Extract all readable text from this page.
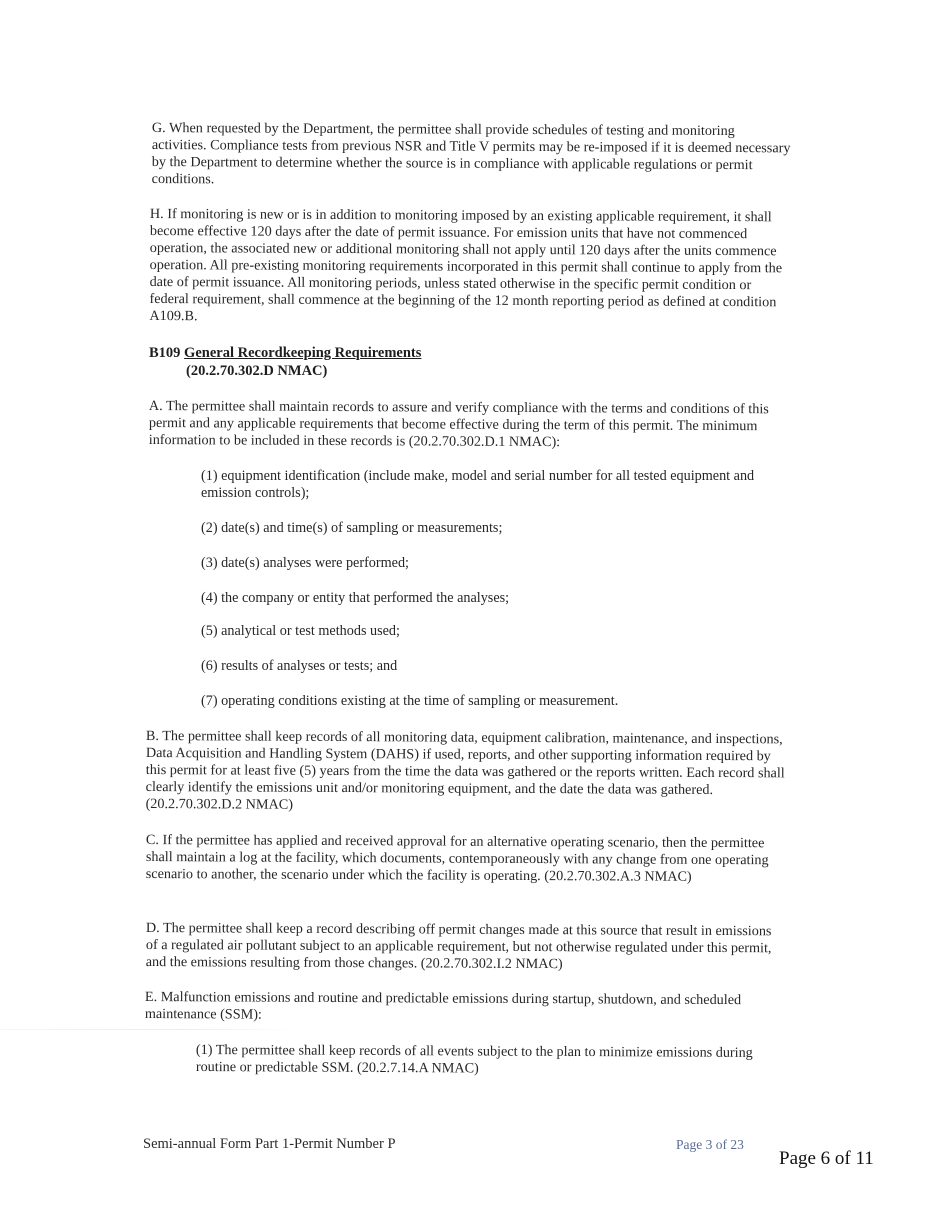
G. When requested by the Department, the permittee shall provide schedules of testing and monitoring activities. Compliance tests from previous NSR and Title V permits may be re-imposed if it is deemed necessary by the Department to determine whether the source is in compliance with applicable regulations or permit conditions.

H. If monitoring is new or is in addition to monitoring imposed by an existing applicable requirement, it shall become effective 120 days after the date of permit issuance. For emission units that have not commenced operation, the associated new or additional monitoring shall not apply until 120 days after the units commence operation. All pre-existing monitoring requirements incorporated in this permit shall continue to apply from the date of permit issuance. All monitoring periods, unless stated otherwise in the specific permit condition or federal requirement, shall commence at the beginning of the 12 month reporting period as defined at condition A109.B.

B109 General Recordkeeping Requirements
(20.2.70.302.D NMAC)

A. The permittee shall maintain records to assure and verify compliance with the terms and conditions of this permit and any applicable requirements that become effective during the term of this permit. The minimum information to be included in these records is (20.2.70.302.D.1 NMAC):

(1) equipment identification (include make, model and serial number for all tested equipment and emission controls);

(2) date(s) and time(s) of sampling or measurements;

(3) date(s) analyses were performed;

(4) the company or entity that performed the analyses;

(5) analytical or test methods used;

(6) results of analyses or tests; and

(7) operating conditions existing at the time of sampling or measurement.

B. The permittee shall keep records of all monitoring data, equipment calibration, maintenance, and inspections, Data Acquisition and Handling System (DAHS) if used, reports, and other supporting information required by this permit for at least five (5) years from the time the data was gathered or the reports written. Each record shall clearly identify the emissions unit and/or monitoring equipment, and the date the data was gathered. (20.2.70.302.D.2 NMAC)

C. If the permittee has applied and received approval for an alternative operating scenario, then the permittee shall maintain a log at the facility, which documents, contemporaneously with any change from one operating scenario to another, the scenario under which the facility is operating. (20.2.70.302.A.3 NMAC)

D. The permittee shall keep a record describing off permit changes made at this source that result in emissions of a regulated air pollutant subject to an applicable requirement, but not otherwise regulated under this permit, and the emissions resulting from those changes. (20.2.70.302.I.2 NMAC)

E. Malfunction emissions and routine and predictable emissions during startup, shutdown, and scheduled maintenance (SSM):

(1) The permittee shall keep records of all events subject to the plan to minimize emissions during routine or predictable SSM. (20.2.7.14.A NMAC)

Semi-annual Form Part 1-Permit Number P	Page 3 of 23
Page 6 of 11
